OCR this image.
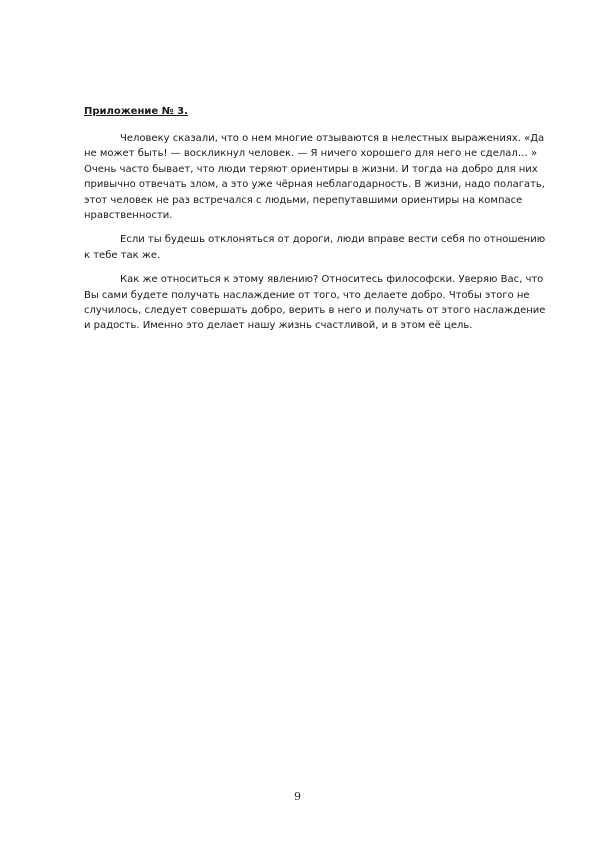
Приложение № 3.

Человеку сказали, что о нем многие отзываются в нелестных выражениях. «Да не может быть! — воскликнул человек. — Я ничего хорошего для него не сделал… » Очень часто бывает, что люди теряют ориентиры в жизни. И тогда на добро для них привычно отвечать злом, а это уже чёрная неблагодарность. В жизни, надо полагать, этот человек не раз встречался с людьми, перепутавшими ориентиры на компасе нравственности.

Если ты будешь отклоняться от дороги, люди вправе вести себя по отношению к тебе так же.

Как же относиться к этому явлению? Относитесь философски. Уверяю Вас, что Вы сами будете получать наслаждение от того, что делаете добро. Чтобы этого не случилось, следует совершать добро, верить в него и получать от этого наслаждение и радость. Именно это делает нашу жизнь счастливой, и в этом её цель.

9
